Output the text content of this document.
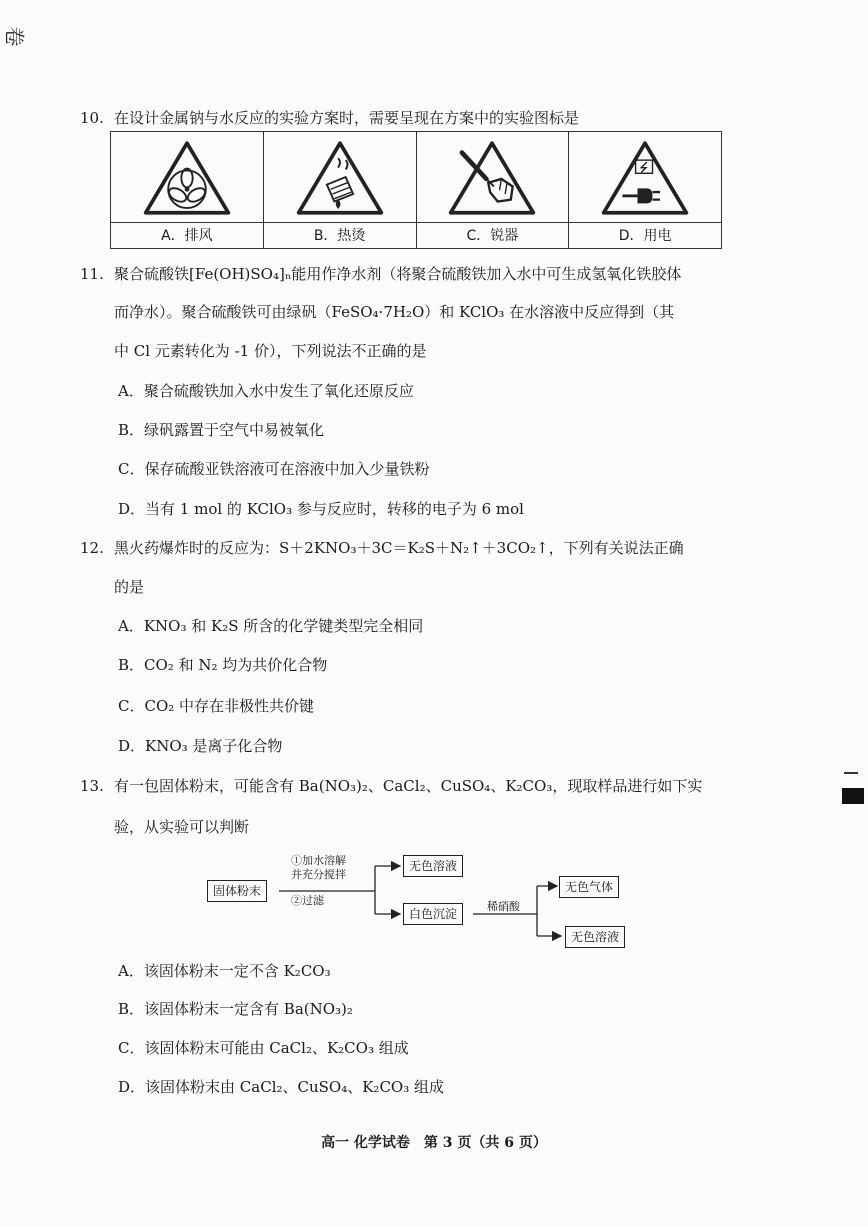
卷
10. 在设计金属钠与水反应的实验方案时，需要呈现在方案中的实验图标是

A．排风	B．热烫	C．锐器	D．用电
11. 聚合硫酸铁[Fe(OH)SO₄]ₙ能用作净水剂（将聚合硫酸铁加入水中可生成氢氧化铁胶体
而净水）。聚合硫酸铁可由绿矾（FeSO₄·7H₂O）和 KClO₃ 在水溶液中反应得到（其
中 Cl 元素转化为 -1 价），下列说法不正确的是
A．聚合硫酸铁加入水中发生了氧化还原反应
B．绿矾露置于空气中易被氧化
C．保存硫酸亚铁溶液可在溶液中加入少量铁粉
D．当有 1 mol 的 KClO₃ 参与反应时，转移的电子为 6 mol
12. 黑火药爆炸时的反应为：S＋2KNO₃＋3C＝K₂S＋N₂↑＋3CO₂↑，下列有关说法正确
的是
A．KNO₃ 和 K₂S 所含的化学键类型完全相同
B．CO₂ 和 N₂ 均为共价化合物
C．CO₂ 中存在非极性共价键
D．KNO₃ 是离子化合物
13. 有一包固体粉末，可能含有 Ba(NO₃)₂、CaCl₂、CuSO₄、K₂CO₃，现取样品进行如下实
验，从实验可以判断
固体粉末
①加水溶解
并充分搅拌
②过滤
无色溶液
白色沉淀
稀硝酸
无色气体
无色溶液
A．该固体粉末一定不含 K₂CO₃
B．该固体粉末一定含有 Ba(NO₃)₂
C．该固体粉末可能由 CaCl₂、K₂CO₃ 组成
D．该固体粉末由 CaCl₂、CuSO₄、K₂CO₃ 组成
高一 化学试卷　第 3 页（共 6 页）
